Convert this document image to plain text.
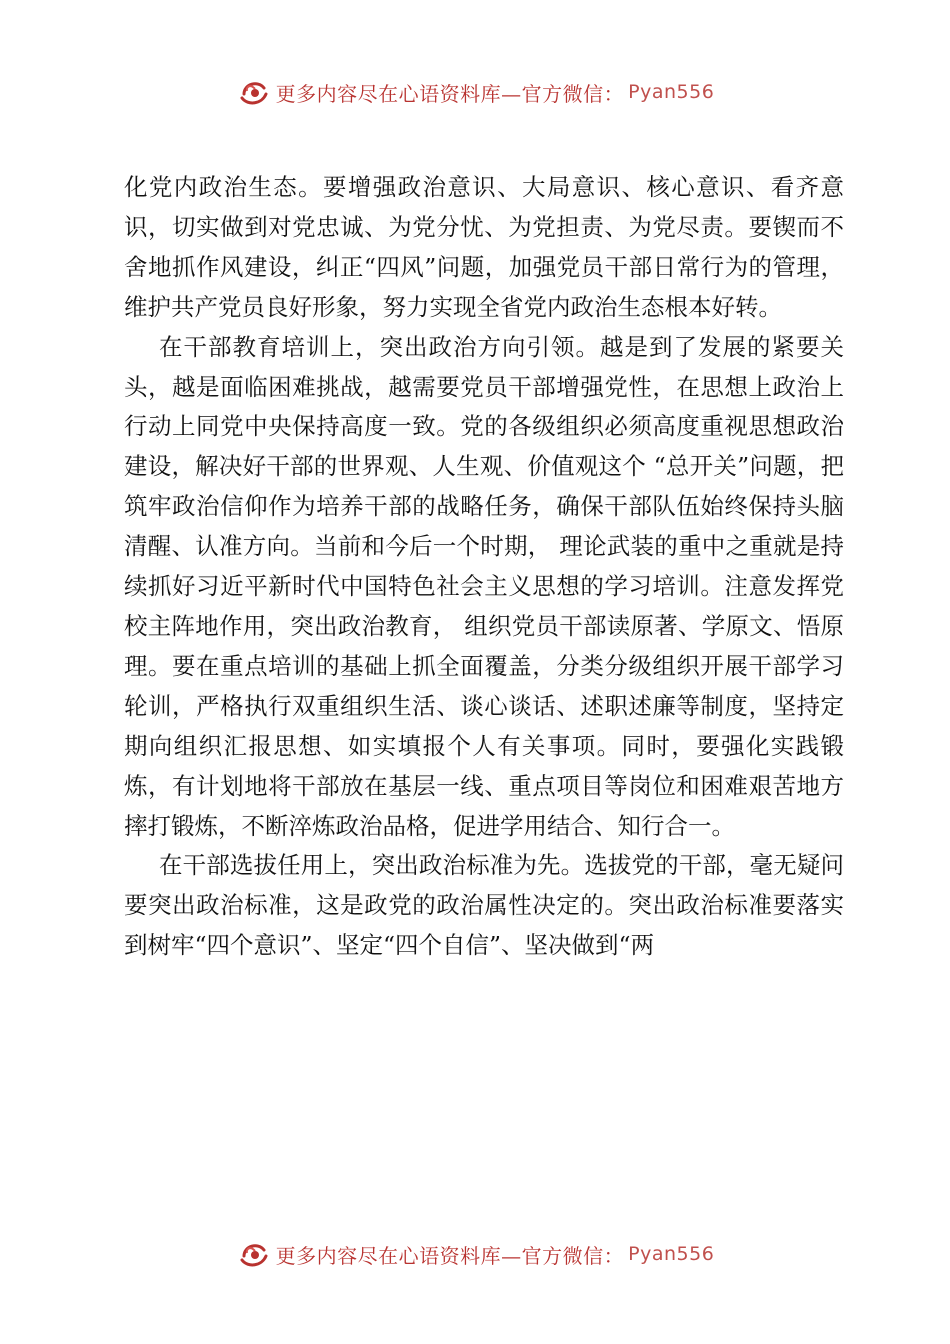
更多内容尽在心语资料库—官方微信： Pyan556

化党内政治生态。要增强政治意识、大局意识、核心意识、看齐意识，切实做到对党忠诚、为党分忧、为党担责、为党尽责。要锲而不舍地抓作风建设，纠正“四风”问题，加强党员干部日常行为的管理，维护共产党员良好形象，努力实现全省党内政治生态根本好转。

在干部教育培训上，突出政治方向引领。越是到了发展的紧要关头，越是面临困难挑战，越需要党员干部增强党性，在思想上政治上行动上同党中央保持高度一致。党的各级组织必须高度重视思想政治建设，解决好干部的世界观、人生观、价值观这个 “总开关”问题，把筑牢政治信仰作为培养干部的战略任务，确保干部队伍始终保持头脑清醒、认准方向。当前和今后一个时期， 理论武装的重中之重就是持续抓好习近平新时代中国特色社会主义思想的学习培训。注意发挥党校主阵地作用，突出政治教育， 组织党员干部读原著、学原文、悟原理。要在重点培训的基础上抓全面覆盖，分类分级组织开展干部学习轮训，严格执行双重组织生活、谈心谈话、述职述廉等制度，坚持定期向组织汇报思想、如实填报个人有关事项。同时，要强化实践锻炼，有计划地将干部放在基层一线、重点项目等岗位和困难艰苦地方摔打锻炼，不断淬炼政治品格，促进学用结合、知行合一。

在干部选拔任用上，突出政治标准为先。选拔党的干部，毫无疑问要突出政治标准，这是政党的政治属性决定的。突出政治标准要落实到树牢“四个意识”、坚定“四个自信”、坚决做到“两

更多内容尽在心语资料库—官方微信： Pyan556
